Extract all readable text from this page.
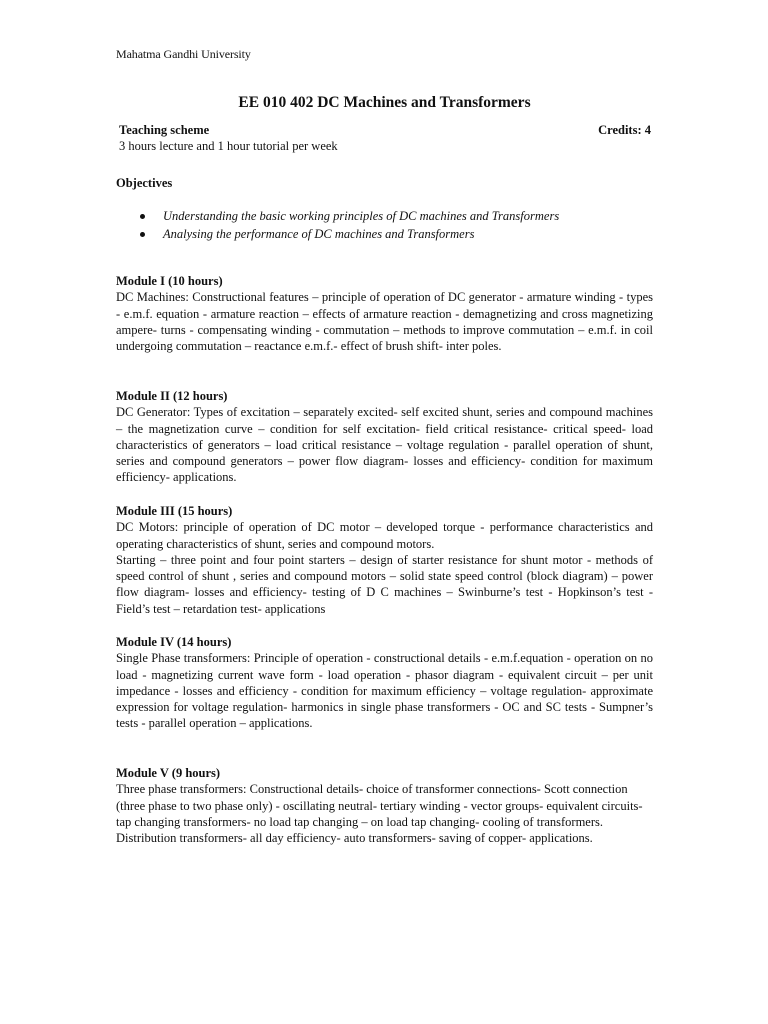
Mahatma Gandhi University
EE 010 402 DC Machines and Transformers
Teaching scheme	Credits: 4
3 hours lecture and 1 hour tutorial per week
Objectives
Understanding the basic working principles of DC machines and Transformers
Analysing the performance of DC machines and Transformers
Module I (10 hours)

DC Machines: Constructional features – principle of operation of DC generator - armature winding - types - e.m.f. equation - armature reaction – effects of armature reaction - demagnetizing and cross magnetizing ampere- turns - compensating winding - commutation – methods to improve commutation – e.m.f. in coil undergoing commutation – reactance e.m.f.- effect of brush shift- inter poles.

Module II (12 hours)

DC Generator: Types of excitation – separately excited- self excited shunt, series and compound machines – the magnetization curve – condition for self excitation- field critical resistance- critical speed- load characteristics of generators – load critical resistance – voltage regulation - parallel operation of shunt, series and compound generators – power flow diagram- losses and efficiency- condition for maximum efficiency- applications.

Module III (15 hours)

DC Motors: principle of operation of DC motor – developed torque - performance characteristics and operating characteristics of shunt, series and compound motors.

Starting – three point and four point starters – design of starter resistance for shunt motor - methods of speed control of shunt , series and compound motors – solid state speed control (block diagram) – power flow diagram- losses and efficiency- testing of D C machines – Swinburne’s test - Hopkinson’s test - Field’s test – retardation test- applications

Module IV (14 hours)

Single Phase transformers: Principle of operation - constructional details - e.m.f.equation - operation on no load - magnetizing current wave form - load operation - phasor diagram - equivalent circuit – per unit impedance - losses and efficiency - condition for maximum efficiency – voltage regulation- approximate expression for voltage regulation- harmonics in single phase transformers - OC and SC tests - Sumpner’s tests - parallel operation – applications.

Module V (9 hours)

Three phase transformers: Constructional details- choice of transformer connections- Scott connection (three phase to two phase only) - oscillating neutral- tertiary winding - vector groups- equivalent circuits- tap changing transformers- no load tap changing – on load tap changing- cooling of transformers.

Distribution transformers- all day efficiency- auto transformers- saving of copper- applications.
